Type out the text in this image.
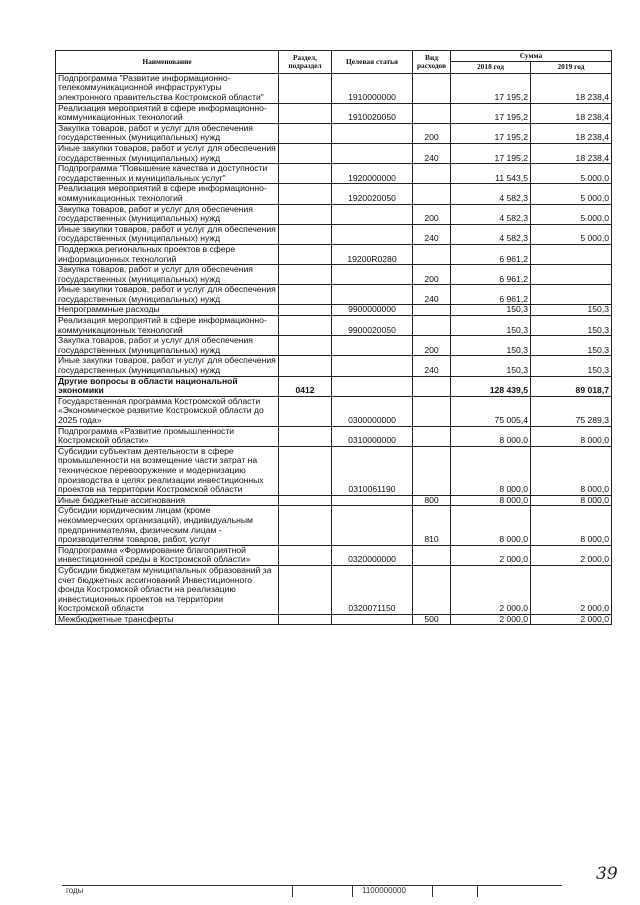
Наименование	Раздел, подраздел	Целевая статья	Вид расходов	Сумма	
				2018 год	2019 год
Подпрограмма "Развитие информационно-телекоммуникационной инфраструктуры электронного правительства Костромской области"		1910000000		17 195,2	18 238,4
Реализация мероприятий в сфере информационно-коммуникационных технологий		1910020050		17 195,2	18 238,4
Закупка товаров, работ и услуг для обеспечения государственных (муниципальных) нужд			200	17 195,2	18 238,4
Иные закупки товаров, работ и услуг для обеспечения государственных (муниципальных) нужд			240	17 195,2	18 238,4
Подпрограмма "Повышение качества и доступности государственных и муниципальных услуг"		1920000000		11 543,5	5 000,0
Реализация мероприятий в сфере информационно-коммуникационных технологий		1920020050		4 582,3	5 000,0
Закупка товаров, работ и услуг для обеспечения государственных (муниципальных) нужд			200	4 582,3	5 000,0
Иные закупки товаров, работ и услуг для обеспечения государственных (муниципальных) нужд			240	4 582,3	5 000,0
Поддержка региональных проектов в сфере информационных технологий		19200R0280		6 961,2	
Закупка товаров, работ и услуг для обеспечения государственных (муниципальных) нужд			200	6 961,2	
Иные закупки товаров, работ и услуг для обеспечения государственных (муниципальных) нужд			240	6 961,2	
Непрограммные расходы		9900000000		150,3	150,3
Реализация мероприятий в сфере информационно-коммуникационных технологий		9900020050		150,3	150,3
Закупка товаров, работ и услуг для обеспечения государственных (муниципальных) нужд			200	150,3	150,3
Иные закупки товаров, работ и услуг для обеспечения государственных (муниципальных) нужд			240	150,3	150,3
Другие вопросы в области национальной экономики	0412			128 439,5	89 018,7
Государственная программа Костромской области «Экономическое развитие Костромской области до 2025 года»		0300000000		75 005,4	75 289,3
Подпрограмма «Развитие промышленности Костромской области»		0310000000		8 000,0	8 000,0
Субсидии субъектам деятельности в сфере промышленности на возмещение части затрат на техническое перевооружение и модернизацию производства в целях реализации инвестиционных проектов на территории Костромской области		0310061190		8 000,0	8 000,0
Иные бюджетные ассигнования			800	8 000,0	8 000,0
Субсидии юридическим лицам (кроме некоммерческих организаций), индивидуальным предпринимателям, физическим лицам - производителям товаров, работ, услуг			810	8 000,0	8 000,0
Подпрограмма «Формирование благоприятной инвестиционной среды в Костромской области»		0320000000		2 000,0	2 000,0
Субсидии бюджетам муниципальных образований за счет бюджетных ассигнований Инвестиционного фонда Костромской области на реализацию инвестиционных проектов на территории Костромской области		0320071150		2 000,0	2 000,0
Межбюджетные трансферты			500	2 000,0	2 000,0
годы	1100000000
39
